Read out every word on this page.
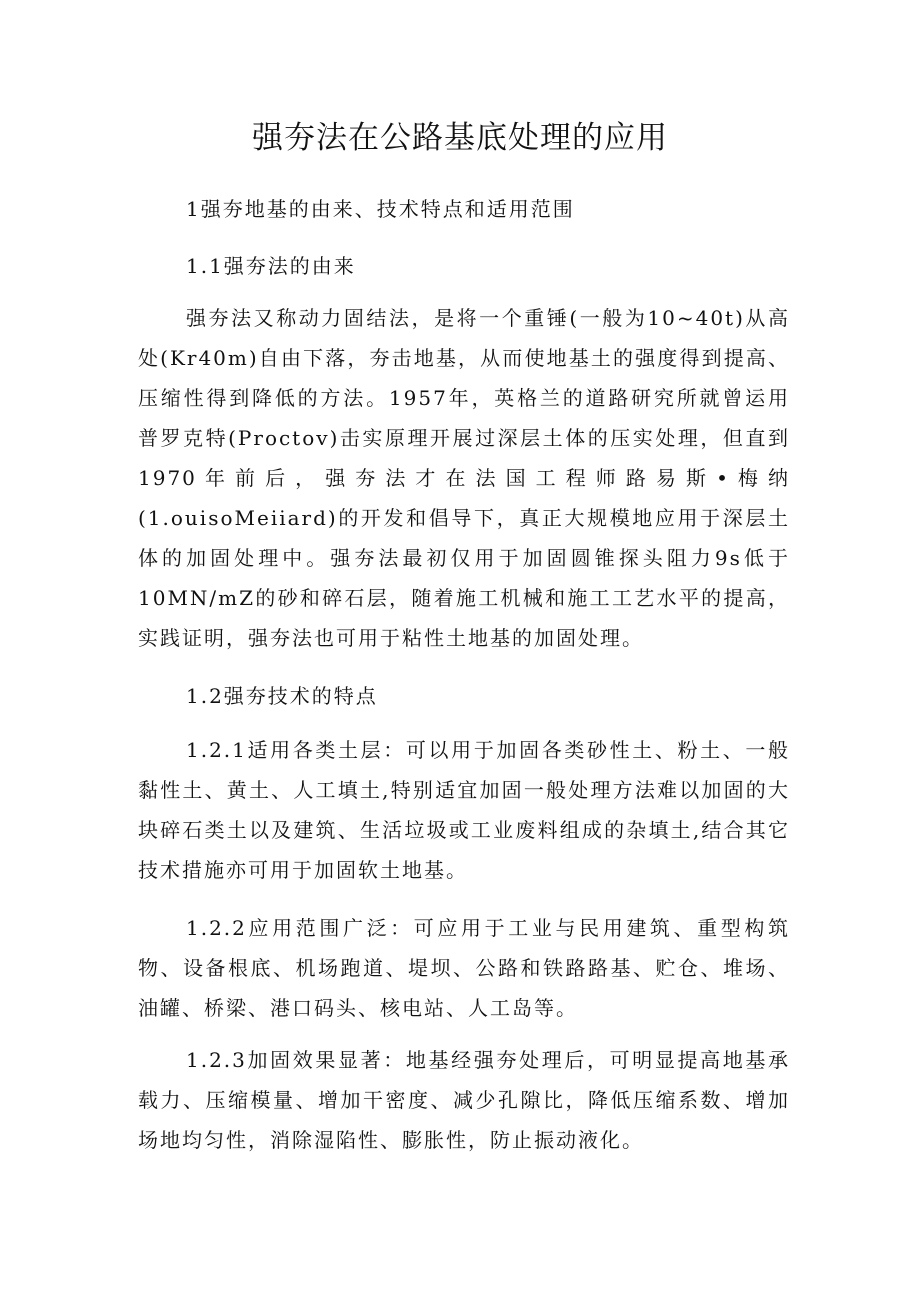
强夯法在公路基底处理的应用
1强夯地基的由来、技术特点和适用范围
1.1强夯法的由来

强夯法又称动力固结法，是将一个重锤(一般为10~40t)从高处(Kr40m)自由下落，夯击地基，从而使地基土的强度得到提高、压缩性得到降低的方法。1957年，英格兰的道路研究所就曾运用普罗克特(Proctov)击实原理开展过深层土体的压实处理，但直到1970年前后，强夯法才在法国工程师路易斯•梅纳(1.ouisoMeiiard)的开发和倡导下，真正大规模地应用于深层土体的加固处理中。强夯法最初仅用于加固圆锥探头阻力9s低于10MN∕mZ的砂和碎石层，随着施工机械和施工工艺水平的提高，实践证明，强夯法也可用于粘性土地基的加固处理。

1.2强夯技术的特点

1.2.1适用各类土层：可以用于加固各类砂性土、粉土、一般黏性土、黄土、人工填土,特别适宜加固一般处理方法难以加固的大块碎石类土以及建筑、生活垃圾或工业废料组成的杂填土,结合其它技术措施亦可用于加固软土地基。

1.2.2应用范围广泛：可应用于工业与民用建筑、重型构筑物、设备根底、机场跑道、堤坝、公路和铁路路基、贮仓、堆场、油罐、桥梁、港口码头、核电站、人工岛等。

1.2.3加固效果显著：地基经强夯处理后，可明显提高地基承载力、压缩模量、增加干密度、减少孔隙比，降低压缩系数、增加场地均匀性，消除湿陷性、膨胀性，防止振动液化。
